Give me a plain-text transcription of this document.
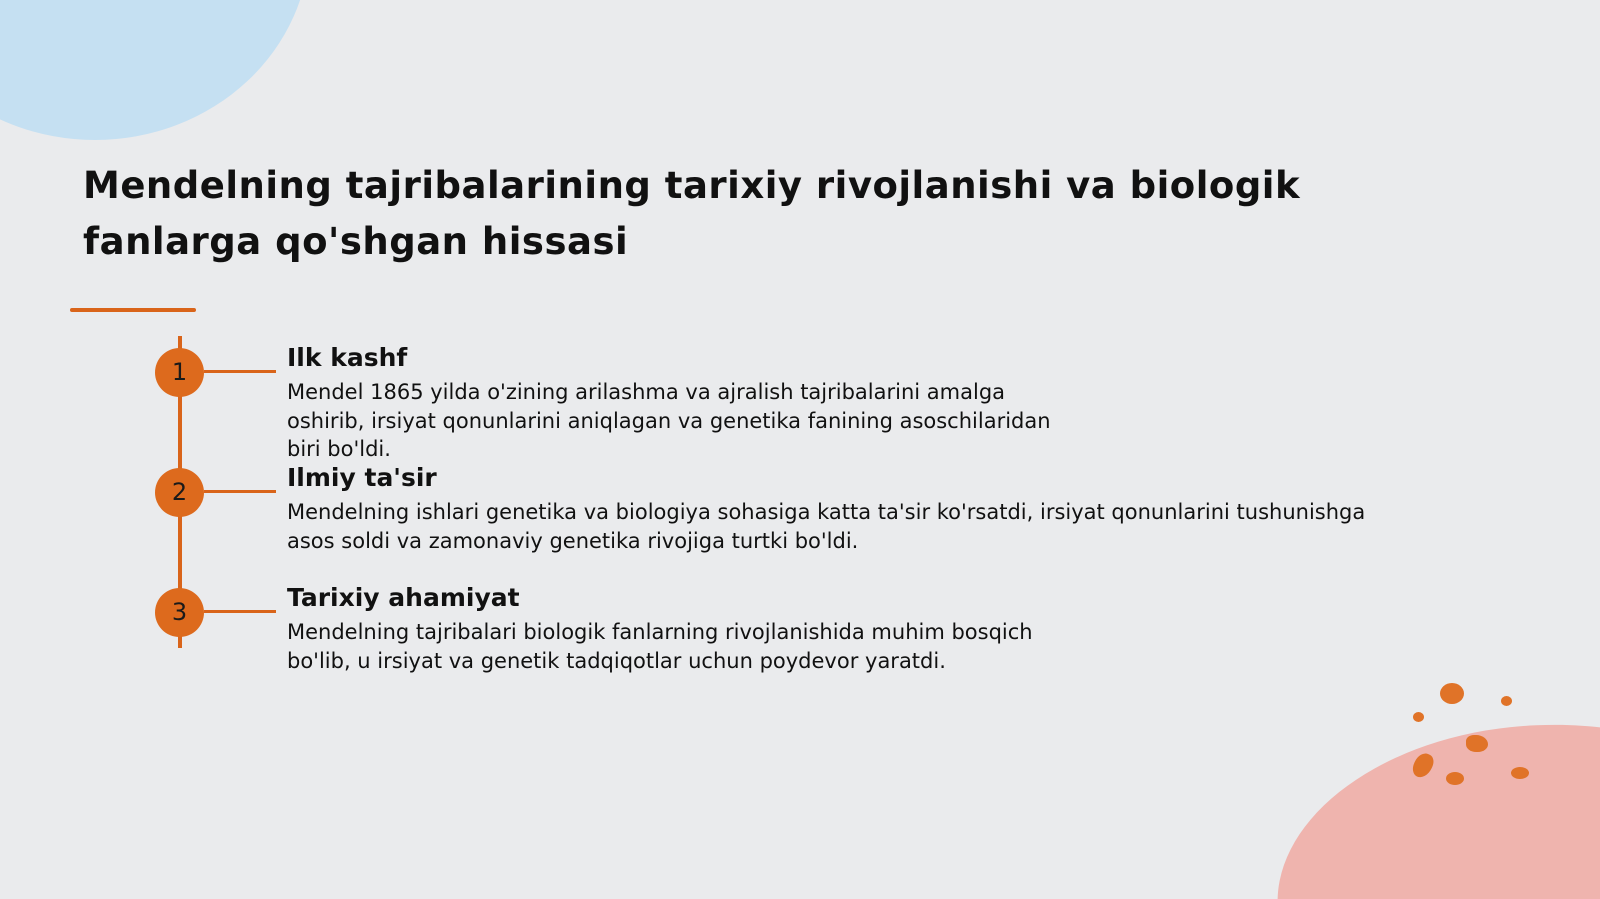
Mendelning tajribalarining tarixiy rivojlanishi va biologik
fanlarga qo'shgan hissasi
1	Ilk kashf

Mendel 1865 yilda o'zining arilashma va ajralish tajribalarini amalga
oshirib, irsiyat qonunlarini aniqlagan va genetika fanining asoschilaridan
biri bo'ldi.

2	Ilmiy ta'sir

Mendelning ishlari genetika va biologiya sohasiga katta ta'sir ko'rsatdi, irsiyat qonunlarini tushunishga
asos soldi va zamonaviy genetika rivojiga turtki bo'ldi.

3	Tarixiy ahamiyat

Mendelning tajribalari biologik fanlarning rivojlanishida muhim bosqich
bo'lib, u irsiyat va genetik tadqiqotlar uchun poydevor yaratdi.
